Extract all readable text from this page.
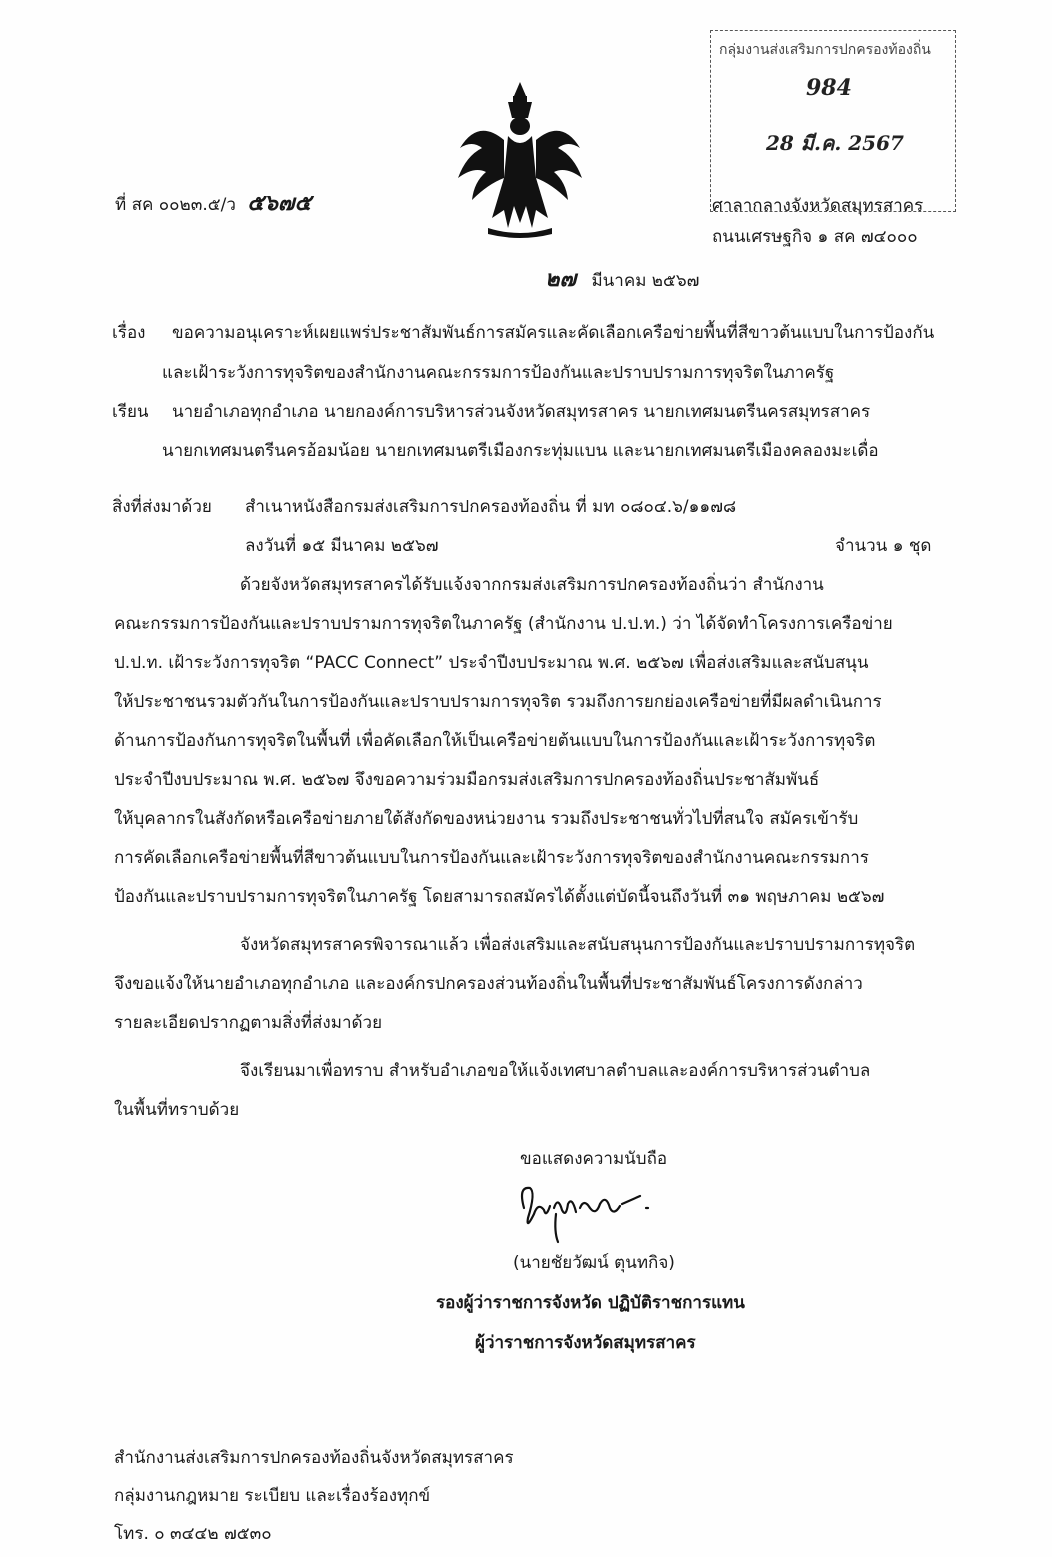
ที่ สค ๐๐๒๓.๕/ว ๕๖๗๕
กลุ่มงานส่งเสริมการปกครองท้องถิ่น
984
28 มี.ค. 2567
ศาลากลางจังหวัดสมุทรสาคร
ถนนเศรษฐกิจ ๑ สค ๗๔๐๐๐
๒๗ มีนาคม ๒๕๖๗
เรื่อง ขอความอนุเคราะห์เผยแพร่ประชาสัมพันธ์การสมัครและคัดเลือกเครือข่ายพื้นที่สีขาวต้นแบบในการป้องกัน
และเฝ้าระวังการทุจริตของสำนักงานคณะกรรมการป้องกันและปราบปรามการทุจริตในภาครัฐ
เรียน นายอำเภอทุกอำเภอ นายกองค์การบริหารส่วนจังหวัดสมุทรสาคร นายกเทศมนตรีนครสมุทรสาคร
นายกเทศมนตรีนครอ้อมน้อย นายกเทศมนตรีเมืองกระทุ่มแบน และนายกเทศมนตรีเมืองคลองมะเดื่อ
สิ่งที่ส่งมาด้วย สำเนาหนังสือกรมส่งเสริมการปกครองท้องถิ่น ที่ มท ๐๘๐๔.๖/๑๑๗๘
ลงวันที่ ๑๕ มีนาคม ๒๕๖๗	จำนวน ๑ ชุด
ด้วยจังหวัดสมุทรสาครได้รับแจ้งจากกรมส่งเสริมการปกครองท้องถิ่นว่า สำนักงาน
คณะกรรมการป้องกันและปราบปรามการทุจริตในภาครัฐ (สำนักงาน ป.ป.ท.) ว่า ได้จัดทำโครงการเครือข่าย
ป.ป.ท. เฝ้าระวังการทุจริต “PACC Connect” ประจำปีงบประมาณ พ.ศ. ๒๕๖๗ เพื่อส่งเสริมและสนับสนุน
ให้ประชาชนรวมตัวกันในการป้องกันและปราบปรามการทุจริต รวมถึงการยกย่องเครือข่ายที่มีผลดำเนินการ
ด้านการป้องกันการทุจริตในพื้นที่ เพื่อคัดเลือกให้เป็นเครือข่ายต้นแบบในการป้องกันและเฝ้าระวังการทุจริต
ประจำปีงบประมาณ พ.ศ. ๒๕๖๗ จึงขอความร่วมมือกรมส่งเสริมการปกครองท้องถิ่นประชาสัมพันธ์
ให้บุคลากรในสังกัดหรือเครือข่ายภายใต้สังกัดของหน่วยงาน รวมถึงประชาชนทั่วไปที่สนใจ สมัครเข้ารับ
การคัดเลือกเครือข่ายพื้นที่สีขาวต้นแบบในการป้องกันและเฝ้าระวังการทุจริตของสำนักงานคณะกรรมการ
ป้องกันและปราบปรามการทุจริตในภาครัฐ โดยสามารถสมัครได้ตั้งแต่บัดนี้จนถึงวันที่ ๓๑ พฤษภาคม ๒๕๖๗
จังหวัดสมุทรสาครพิจารณาแล้ว เพื่อส่งเสริมและสนับสนุนการป้องกันและปราบปรามการทุจริต
จึงขอแจ้งให้นายอำเภอทุกอำเภอ และองค์กรปกครองส่วนท้องถิ่นในพื้นที่ประชาสัมพันธ์โครงการดังกล่าว
รายละเอียดปรากฏตามสิ่งที่ส่งมาด้วย
จึงเรียนมาเพื่อทราบ สำหรับอำเภอขอให้แจ้งเทศบาลตำบลและองค์การบริหารส่วนตำบล
ในพื้นที่ทราบด้วย
ขอแสดงความนับถือ
(นายชัยวัฒน์ ตุนทกิจ)
รองผู้ว่าราชการจังหวัด ปฏิบัติราชการแทน
ผู้ว่าราชการจังหวัดสมุทรสาคร
สำนักงานส่งเสริมการปกครองท้องถิ่นจังหวัดสมุทรสาคร
กลุ่มงานกฎหมาย ระเบียบ และเรื่องร้องทุกข์
โทร. ๐ ๓๔๔๒ ๗๕๓๐
